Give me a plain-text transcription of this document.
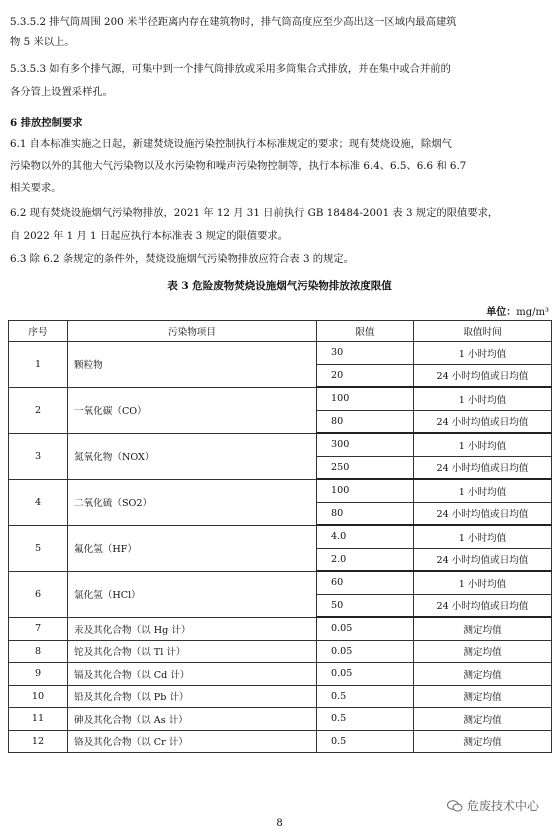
5.3.5.2 排气筒周围 200 米半径距离内存在建筑物时，排气筒高度应至少高出这一区域内最高建筑
物 5 米以上。
5.3.5.3 如有多个排气源，可集中到一个排气筒排放或采用多筒集合式排放，并在集中或合并前的
各分管上设置采样孔。
6 排放控制要求
6.1 自本标准实施之日起，新建焚烧设施污染控制执行本标准规定的要求；现有焚烧设施，除烟气
污染物以外的其他大气污染物以及水污染物和噪声污染物控制等，执行本标准 6.4、6.5、6.6 和 6.7
相关要求。
6.2 现有焚烧设施烟气污染物排放，2021 年 12 月 31 日前执行 GB 18484-2001 表 3 规定的限值要求，
自 2022 年 1 月 1 日起应执行本标准表 3 规定的限值要求。
6.3 除 6.2 条规定的条件外，焚烧设施烟气污染物排放应符合表 3 的规定。
表 3 危险废物焚烧设施烟气污染物排放浓度限值
单位：mg/m³
序号	污染物项目	限值	取值时间
1	颗粒物	30	1 小时均值
		20	24 小时均值或日均值
2	一氧化碳（CO）	100	1 小时均值
		80	24 小时均值或日均值
3	氮氧化物（NOX）	300	1 小时均值
		250	24 小时均值或日均值
4	二氧化硫（SO2）	100	1 小时均值
		80	24 小时均值或日均值
5	氟化氢（HF）	4.0	1 小时均值
		2.0	24 小时均值或日均值
6	氯化氢（HCl）	60	1 小时均值
		50	24 小时均值或日均值
7	汞及其化合物（以 Hg 计）	0.05	测定均值
8	铊及其化合物（以 Tl 计）	0.05	测定均值
9	镉及其化合物（以 Cd 计）	0.05	测定均值
10	铅及其化合物（以 Pb 计）	0.5	测定均值
11	砷及其化合物（以 As 计）	0.5	测定均值
12	铬及其化合物（以 Cr 计）	0.5	测定均值
危废技术中心
8
